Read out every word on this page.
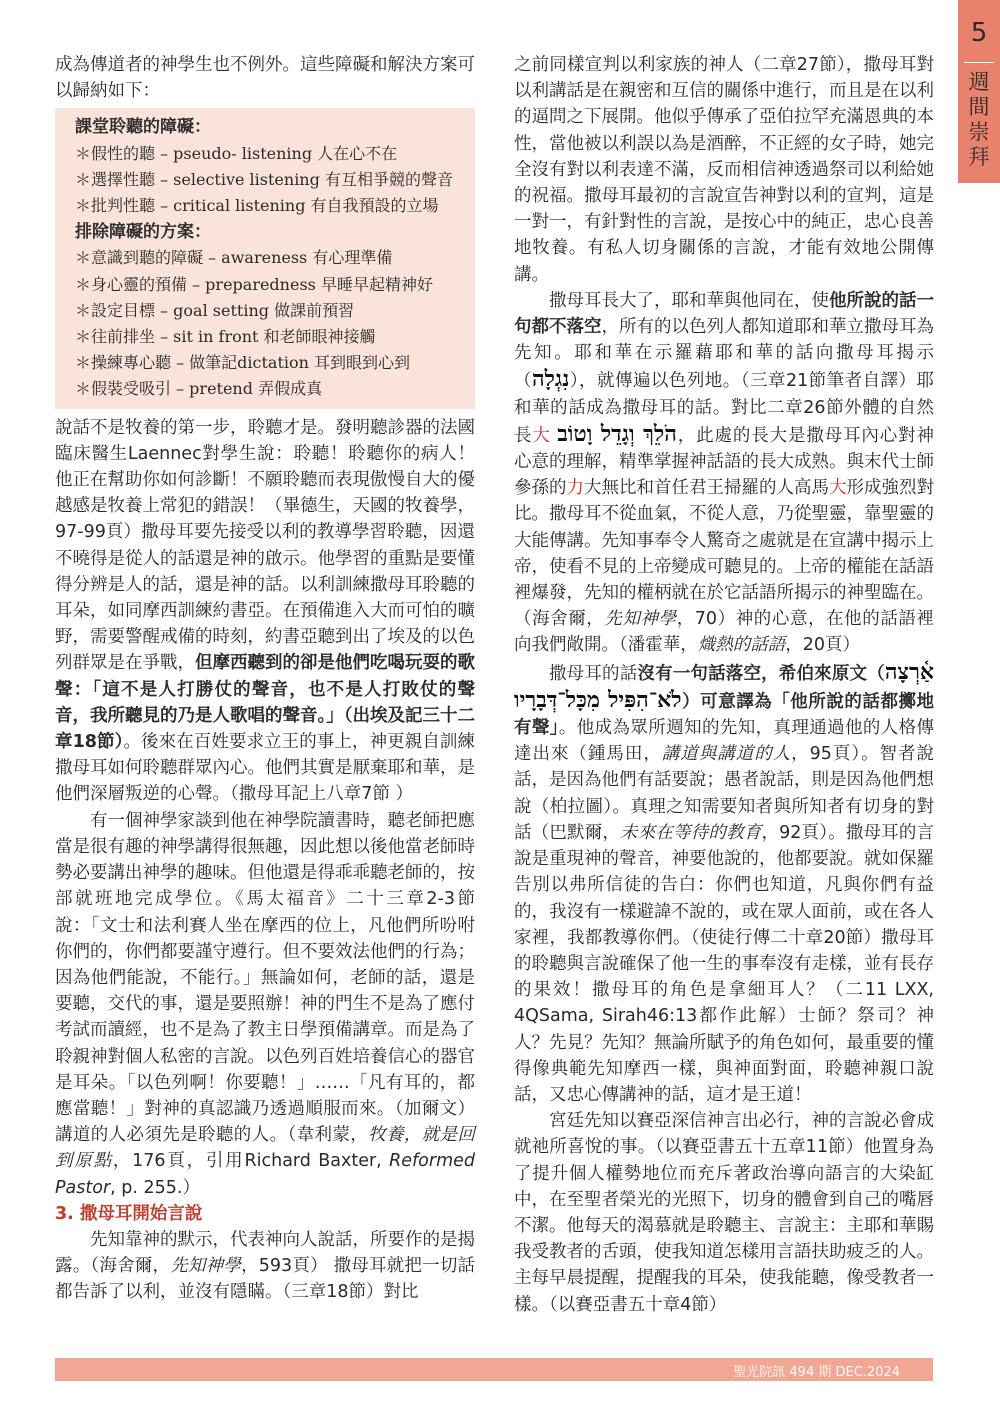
5
週
間
崇
拜

成為傳道者的神學生也不例外。這些障礙和解決方案可以歸納如下：

課堂聆聽的障礙：
＊假性的聽 – pseudo- listening 人在心不在
＊選擇性聽 – selective listening 有互相爭競的聲音
＊批判性聽 – critical listening 有自我預設的立場
排除障礙的方案：
＊意識到聽的障礙 – awareness 有心理準備
＊身心靈的預備 – preparedness 早睡早起精神好
＊設定目標 – goal setting 做課前預習
＊往前排坐 – sit in front 和老師眼神接觸
＊操練專心聽 – 做筆記dictation 耳到眼到心到
＊假裝受吸引 – pretend 弄假成真

說話不是牧養的第一步，聆聽才是。發明聽診器的法國臨床醫生Laennec對學生說：聆聽！聆聽你的病人！他正在幫助你如何診斷！不願聆聽而表現傲慢自大的優越感是牧養上常犯的錯誤！（畢德生，天國的牧養學，97-99頁）撒母耳要先接受以利的教導學習聆聽，因還不曉得是從人的話還是神的啟示。他學習的重點是要懂得分辨是人的話，還是神的話。以利訓練撒母耳聆聽的耳朵，如同摩西訓練約書亞。在預備進入大而可怕的曠野，需要警醒戒備的時刻，約書亞聽到出了埃及的以色列群眾是在爭戰，但摩西聽到的卻是他們吃喝玩耍的歌聲：「這不是人打勝仗的聲音，也不是人打敗仗的聲音，我所聽見的乃是人歌唱的聲音。」（出埃及記三十二章18節）。後來在百姓要求立王的事上，神更親自訓練撒母耳如何聆聽群眾內心。他們其實是厭棄耶和華，是他們深層叛逆的心聲。（撒母耳記上八章7節 ）

有一個神學家談到他在神學院讀書時，聽老師把應當是很有趣的神學講得很無趣，因此想以後他當老師時勢必要講出神學的趣味。但他還是得乖乖聽老師的，按部就班地完成學位。《馬太福音》二十三章2-3節　說：「文士和法利賽人坐在摩西的位上，凡他們所吩咐你們的，你們都要謹守遵行。但不要效法他們的行為；因為他們能說，不能行。」無論如何，老師的話，還是要聽，交代的事，還是要照辦！神的門生不是為了應付考試而讀經，也不是為了教主日學預備講章。而是為了聆親神對個人私密的言說。以色列百姓培養信心的器官是耳朵。「以色列啊！你要聽！」……「凡有耳的，都應當聽！」對神的真認識乃透過順服而來。（加爾文）講道的人必須先是聆聽的人。（韋利蒙，牧養，就是回到原點，176頁，引用Richard Baxter, Reformed Pastor, p. 255.）

3. 撒母耳開始言說

先知靠神的默示，代表神向人說話，所要作的是揭露。（海舍爾，先知神學，593頁） 撒母耳就把一切話都告訴了以利，並沒有隱瞞。（三章18節）對比

之前同樣宣判以利家族的神人（二章27節），撒母耳對以利講話是在親密和互信的關係中進行，而且是在以利的逼問之下展開。他似乎傳承了亞伯拉罕充滿恩典的本性，當他被以利誤以為是酒醉，不正經的女子時，她完全沒有對以利表達不滿，反而相信神透過祭司以利給她的祝福。撒母耳最初的言說宣告神對以利的宣判，這是一對一，有針對性的言說，是按心中的純正，忠心良善地牧養。有私人切身關係的言說，才能有效地公開傳講。

撒母耳長大了，耶和華與他同在，使他所說的話一句都不落空，所有的以色列人都知道耶和華立撒母耳為先知。耶和華在示羅藉耶和華的話向撒母耳揭示（נִגְלָה），就傳遍以色列地。（三章21節筆者自譯）耶和華的話成為撒母耳的話。對比二章26節外體的自然長大 הֹלֵךְ וְגָדֵל וָטוֹב，此處的長大是撒母耳內心對神心意的理解，精準掌握神話語的長大成熟。與末代士師參孫的力大無比和首任君王掃羅的人高馬大形成強烈對比。撒母耳不從血氣，不從人意，乃從聖靈，靠聖靈的大能傳講。先知事奉令人驚奇之處就是在宣講中揭示上帝，使看不見的上帝變成可聽見的。上帝的權能在話語裡爆發，先知的權柄就在於它話語所揭示的神聖臨在。（海舍爾，先知神學，70）神的心意，在他的話語裡向我們敞開。（潘霍華，熾熱的話語，20頁）

撒母耳的話沒有一句話落空，希伯來原文（אַ֫רְצָה לֹא־הִפִּיל מִכָּל־דְּבָרָיו）可意譯為「他所說的話都擲地有聲」。他成為眾所週知的先知，真理通過他的人格傳達出來（鍾馬田，講道與講道的人，95頁）。智者說話，是因為他們有話要說；愚者說話，則是因為他們想說（柏拉圖）。真理之知需要知者與所知者有切身的對話（巴默爾，未來在等待的教育，92頁）。撒母耳的言說是重現神的聲音，神要他說的，他都要說。就如保羅告別以弗所信徒的告白：你們也知道，凡與你們有益的，我沒有一樣避諱不說的，或在眾人面前，或在各人家裡，我都教導你們。（使徒行傳二十章20節）撒母耳的聆聽與言說確保了他一生的事奉沒有走樣，並有長存的果效！撒母耳的角色是拿細耳人？（二11 LXX, 4QSama, Sirah46:13都作此解）士師？祭司？神人？先見？先知？無論所賦予的角色如何，最重要的懂得像典範先知摩西一樣，與神面對面，聆聽神親口說話，又忠心傳講神的話，這才是王道！

宮廷先知以賽亞深信神言出必行，神的言說必會成就祂所喜悅的事。（以賽亞書五十五章11節）他置身為了提升個人權勢地位而充斥著政治導向語言的大染缸中，在至聖者榮光的光照下，切身的體會到自己的嘴唇不潔。他每天的渴慕就是聆聽主、言說主：主耶和華賜我受教者的舌頭，使我知道怎樣用言語扶助疲乏的人。主每早晨提醒，提醒我的耳朵，使我能聽，像受教者一樣。（以賽亞書五十章4節）

聖光院訊 494 期 DEC.2024
